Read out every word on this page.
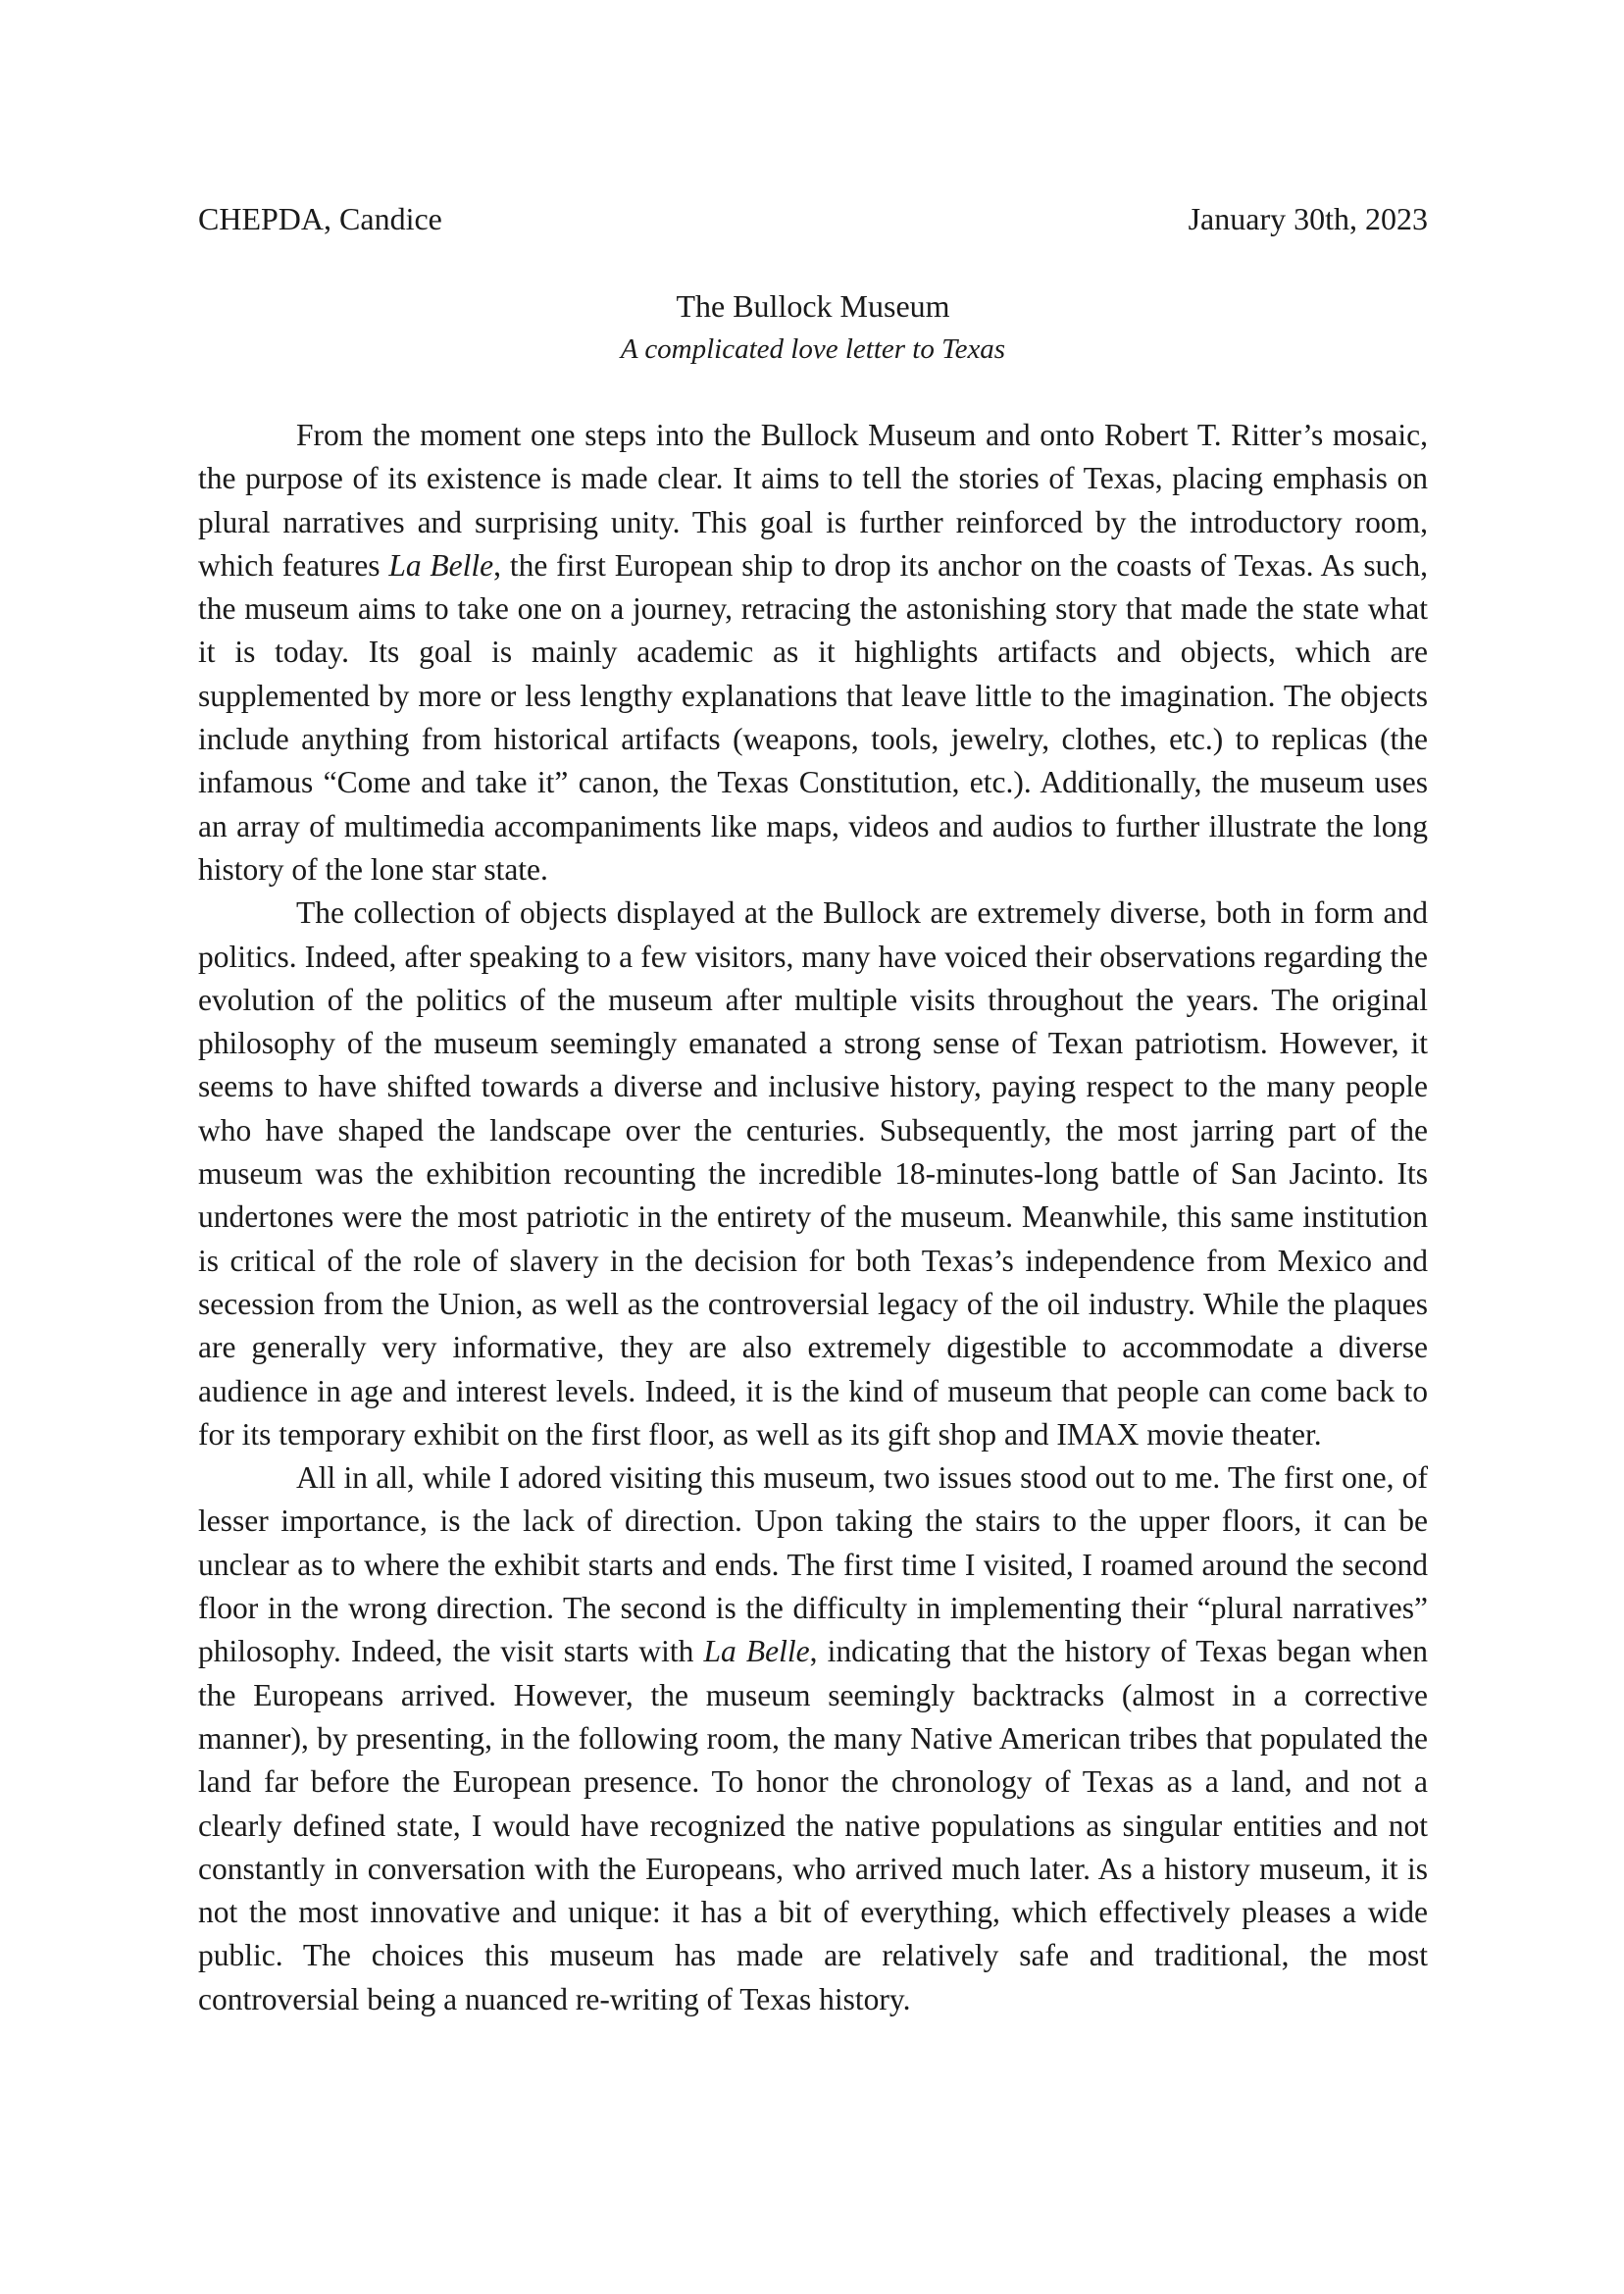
CHEPDA, Candice	January 30th, 2023
The Bullock Museum
A complicated love letter to Texas

From the moment one steps into the Bullock Museum and onto Robert T. Ritter’s mosaic, the purpose of its existence is made clear. It aims to tell the stories of Texas, placing emphasis on plural narratives and surprising unity. This goal is further reinforced by the introductory room, which features La Belle, the first European ship to drop its anchor on the coasts of Texas. As such, the museum aims to take one on a journey, retracing the astonishing story that made the state what it is today. Its goal is mainly academic as it highlights artifacts and objects, which are supplemented by more or less lengthy explanations that leave little to the imagination. The objects include anything from historical artifacts (weapons, tools, jewelry, clothes, etc.) to replicas (the infamous “Come and take it” canon, the Texas Constitution, etc.). Additionally, the museum uses an array of multimedia accompaniments like maps, videos and audios to further illustrate the long history of the lone star state.

The collection of objects displayed at the Bullock are extremely diverse, both in form and politics. Indeed, after speaking to a few visitors, many have voiced their observations regarding the evolution of the politics of the museum after multiple visits throughout the years. The original philosophy of the museum seemingly emanated a strong sense of Texan patriotism. However, it seems to have shifted towards a diverse and inclusive history, paying respect to the many people who have shaped the landscape over the centuries. Subsequently, the most jarring part of the museum was the exhibition recounting the incredible 18-minutes-long battle of San Jacinto. Its undertones were the most patriotic in the entirety of the museum. Meanwhile, this same institution is critical of the role of slavery in the decision for both Texas’s independence from Mexico and secession from the Union, as well as the controversial legacy of the oil industry. While the plaques are generally very informative, they are also extremely digestible to accommodate a diverse audience in age and interest levels. Indeed, it is the kind of museum that people can come back to for its temporary exhibit on the first floor, as well as its gift shop and IMAX movie theater.

All in all, while I adored visiting this museum, two issues stood out to me. The first one, of lesser importance, is the lack of direction. Upon taking the stairs to the upper floors, it can be unclear as to where the exhibit starts and ends. The first time I visited, I roamed around the second floor in the wrong direction. The second is the difficulty in implementing their “plural narratives” philosophy. Indeed, the visit starts with La Belle, indicating that the history of Texas began when the Europeans arrived. However, the museum seemingly backtracks (almost in a corrective manner), by presenting, in the following room, the many Native American tribes that populated the land far before the European presence. To honor the chronology of Texas as a land, and not a clearly defined state, I would have recognized the native populations as singular entities and not constantly in conversation with the Europeans, who arrived much later. As a history museum, it is not the most innovative and unique: it has a bit of everything, which effectively pleases a wide public. The choices this museum has made are relatively safe and traditional, the most controversial being a nuanced re-writing of Texas history.
